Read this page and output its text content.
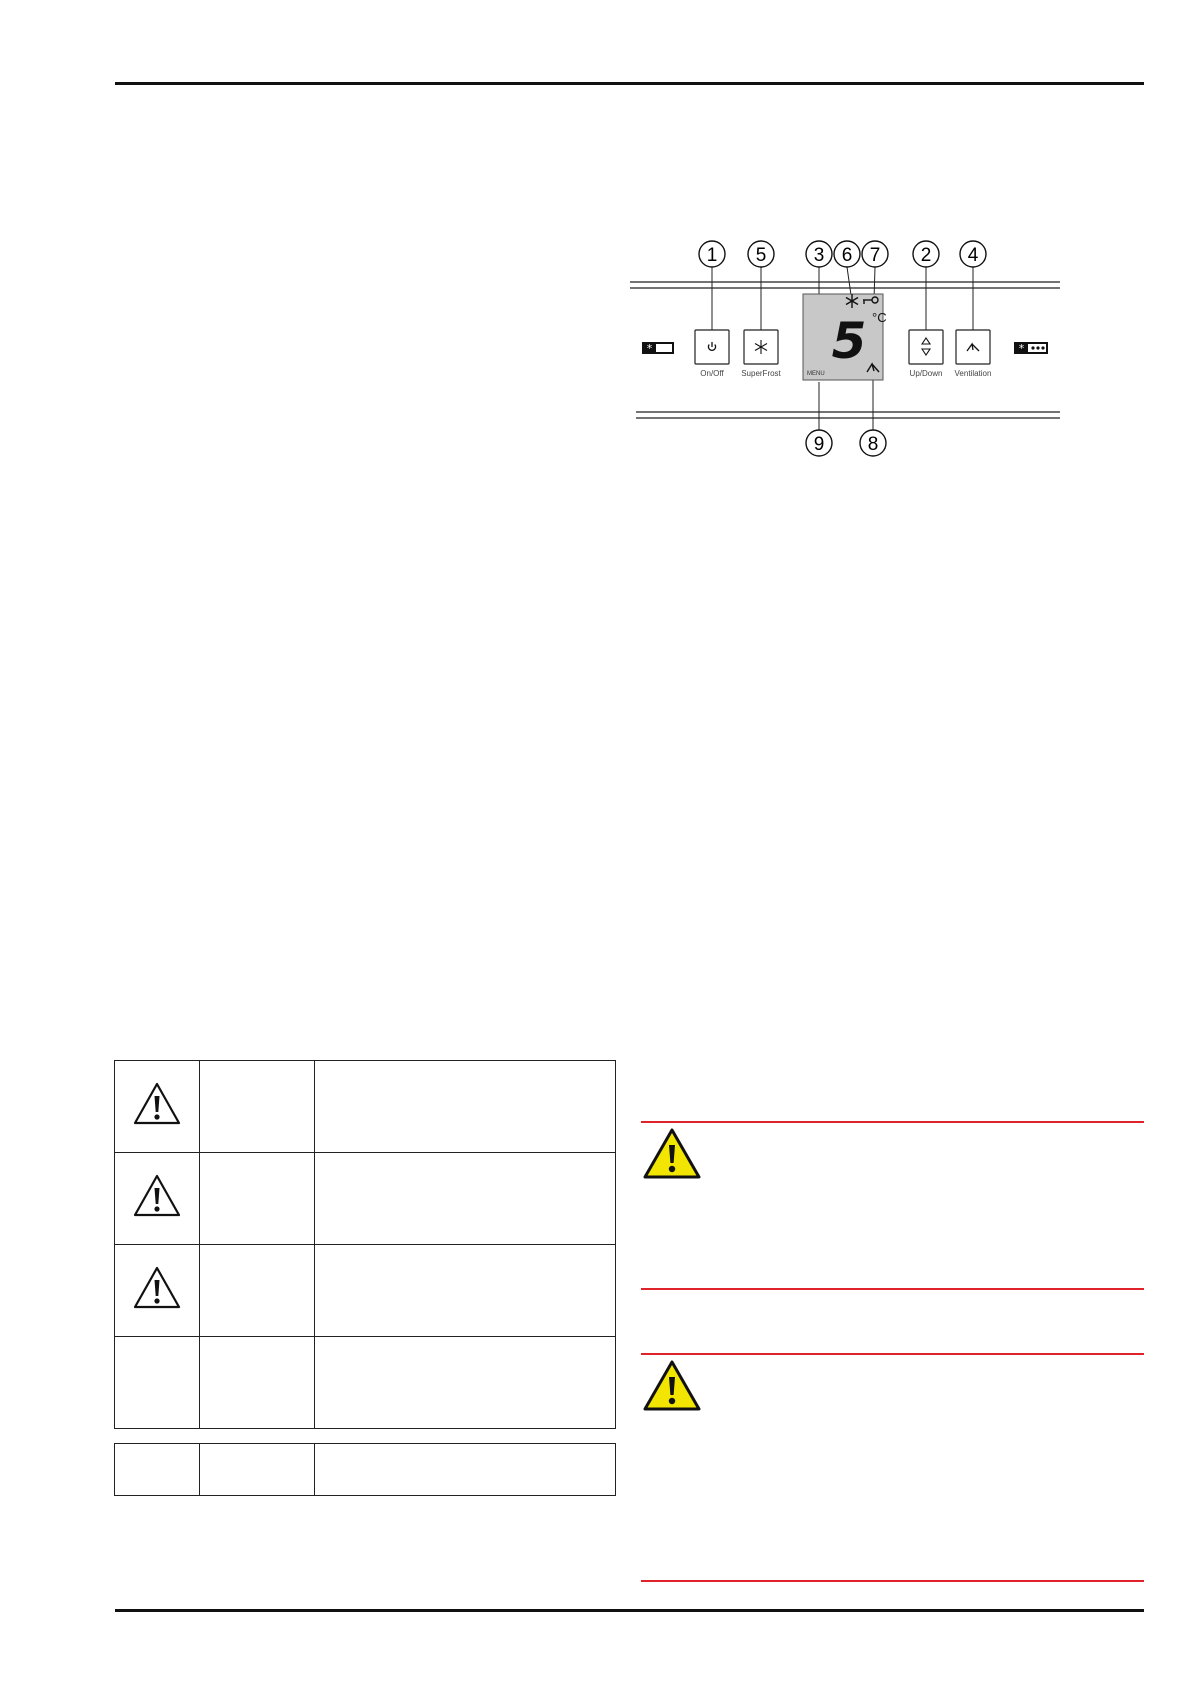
*	*
1 5 3 6 7 2 4
9 8
On/Off SuperFrost
5 °C
MENU	Up/Down Ventilation
